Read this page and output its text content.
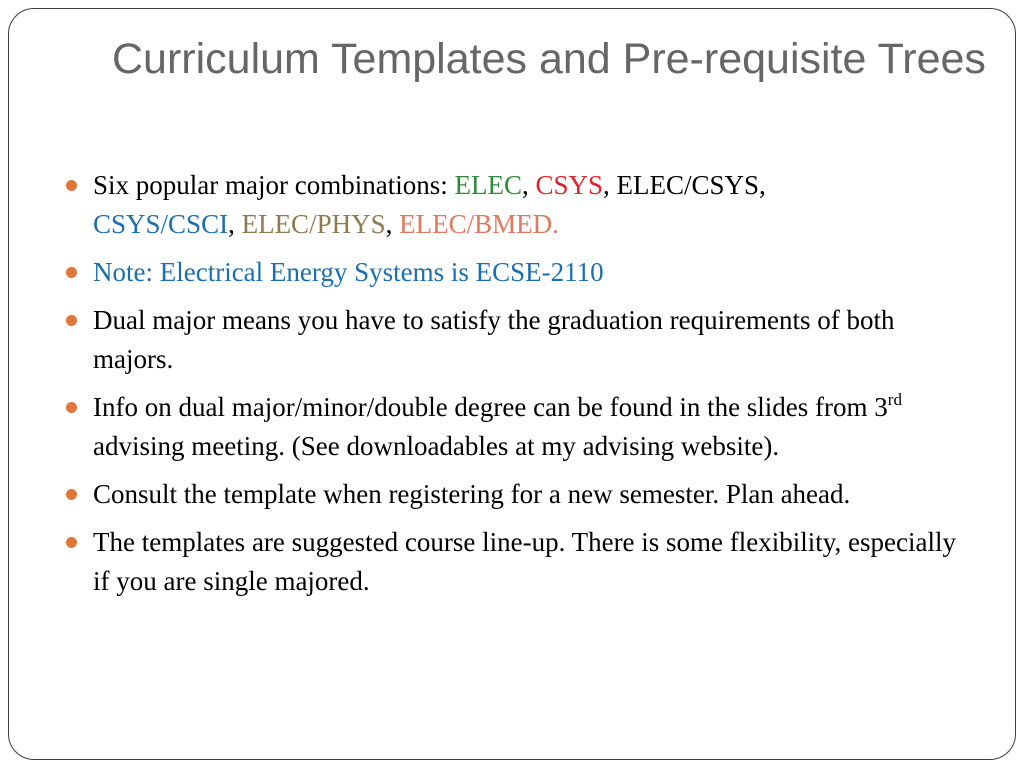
Curriculum Templates and Pre-requisite Trees
Six popular major combinations: ELEC, CSYS, ELEC/CSYS,
CSYS/CSCI, ELEC/PHYS, ELEC/BMED.
Note: Electrical Energy Systems is ECSE-2110
Dual major means you have to satisfy the graduation requirements of both majors.
Info on dual major/minor/double degree can be found in the slides from 3rd advising meeting. (See downloadables at my advising website).
Consult the template when registering for a new semester. Plan ahead.
The templates are suggested course line-up. There is some flexibility, especially if you are single majored.
